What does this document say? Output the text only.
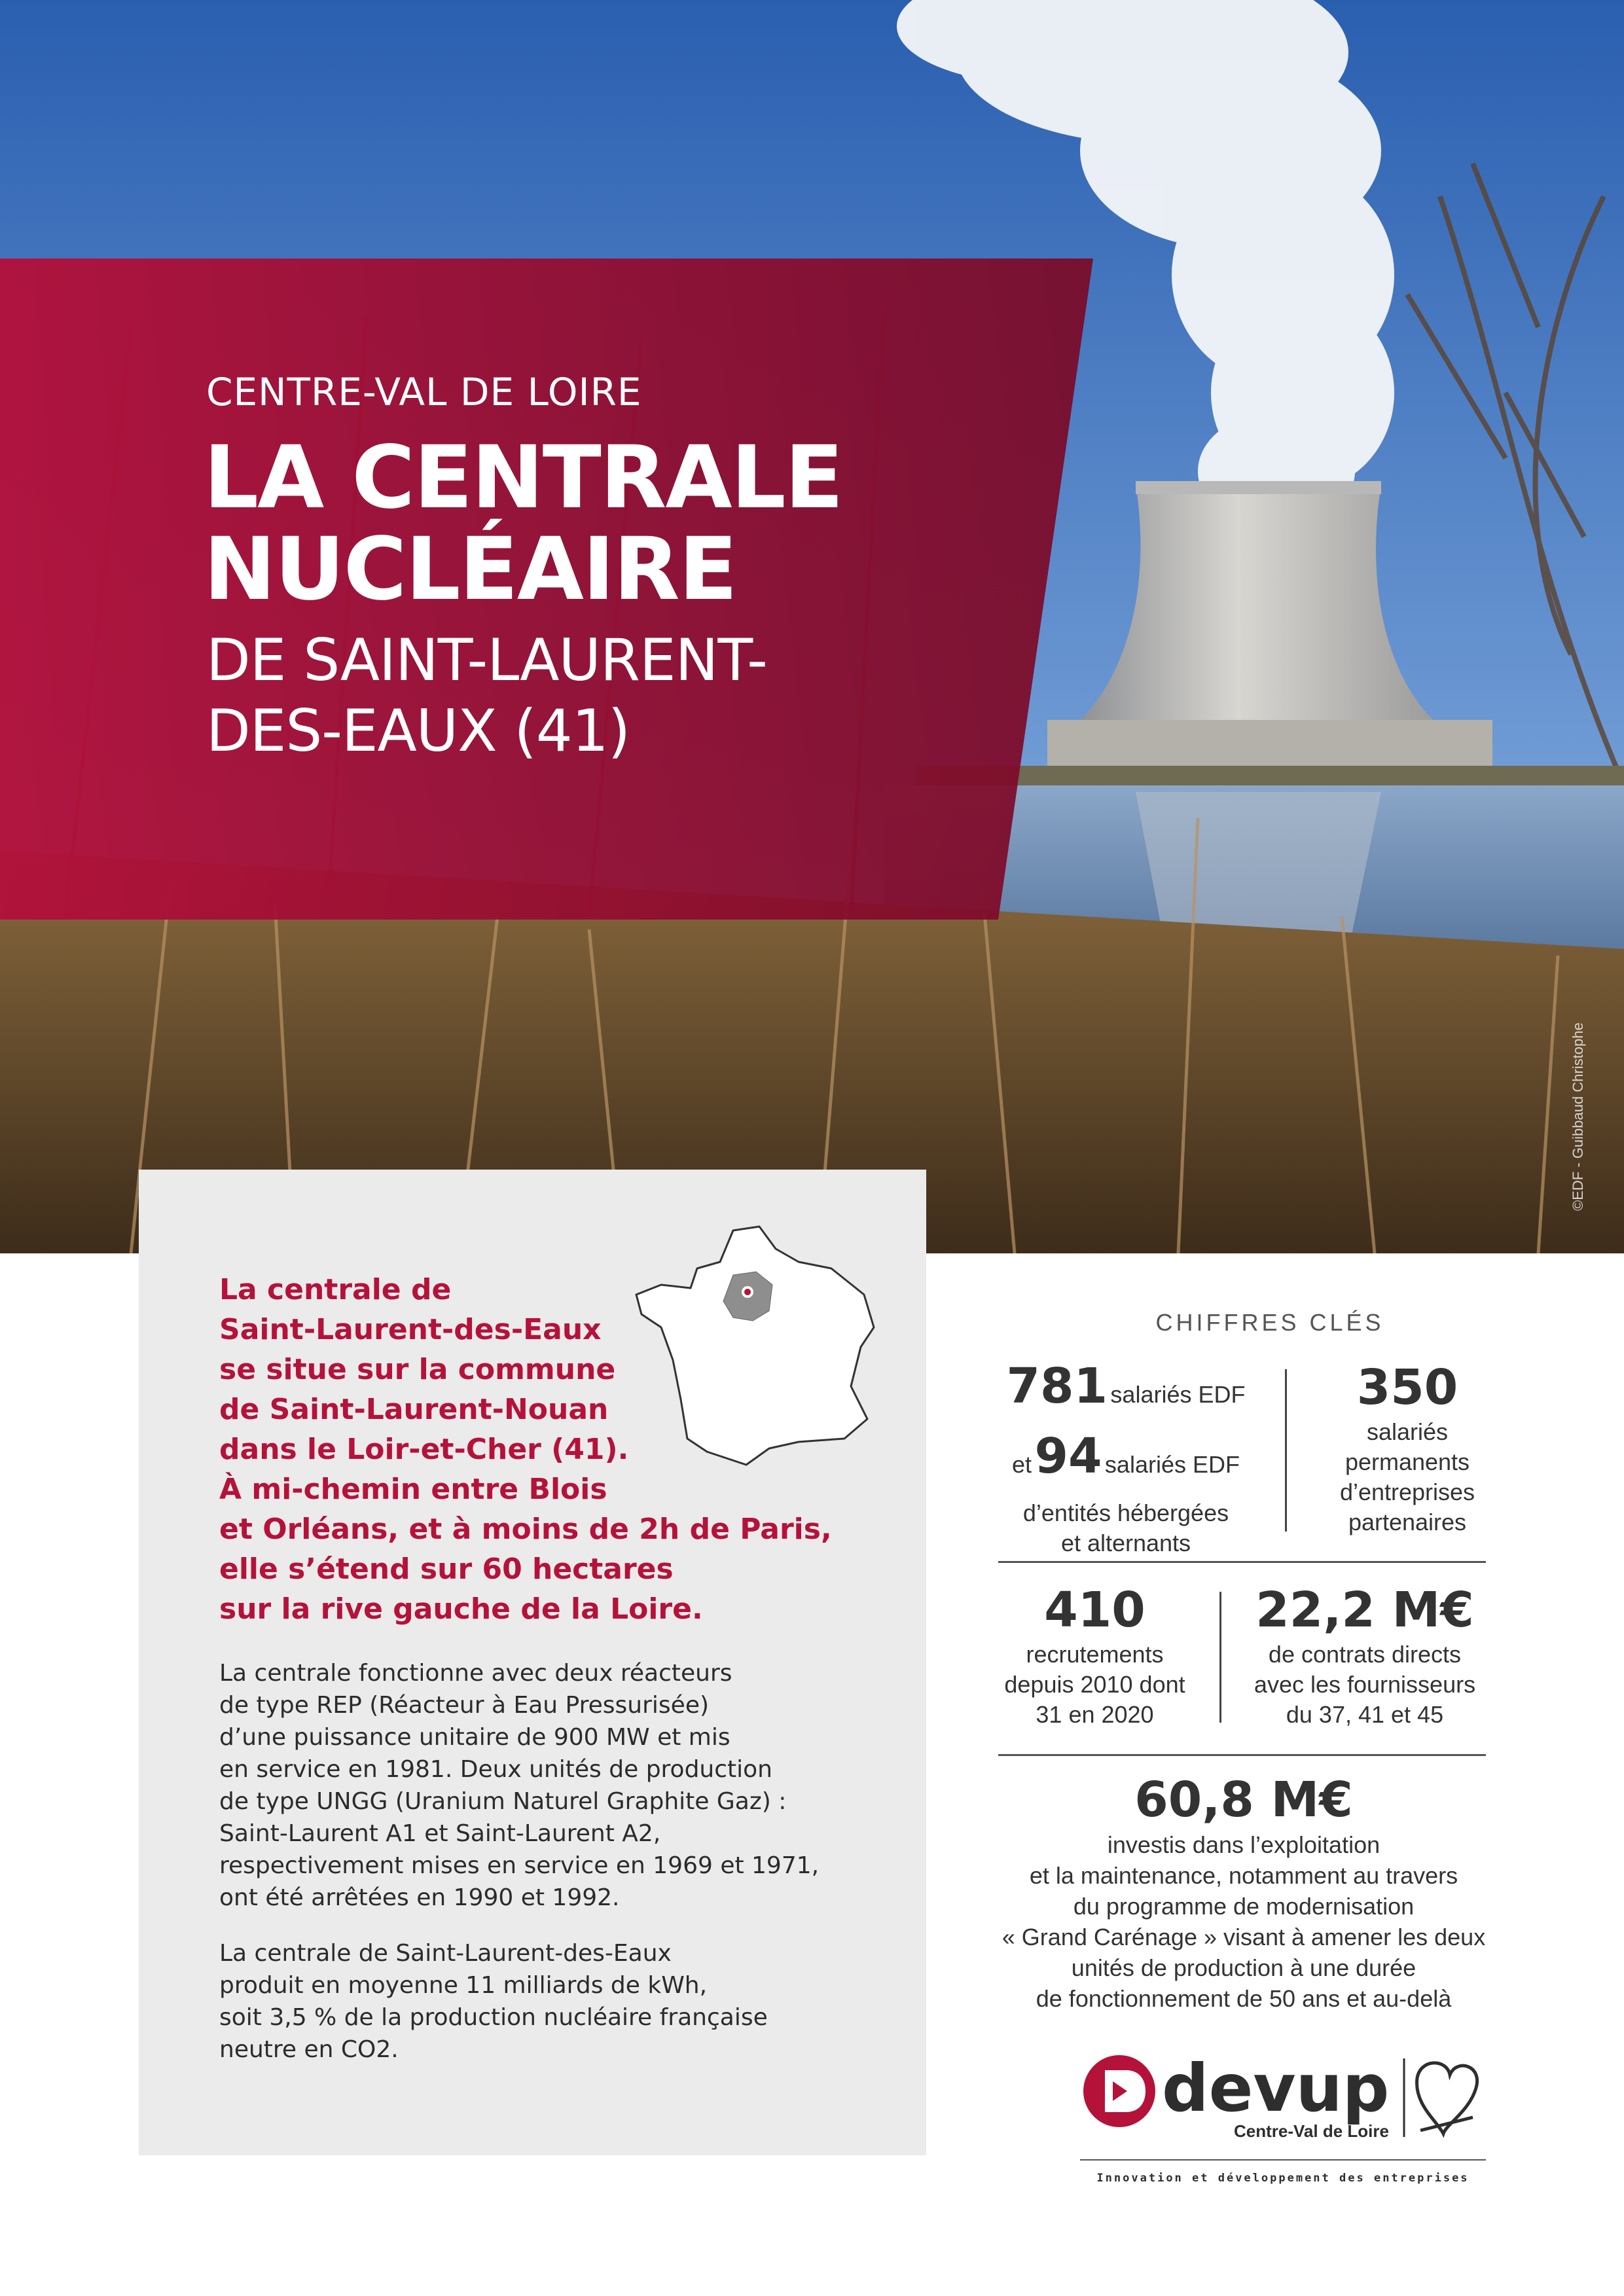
CENTRE-VAL DE LOIRE
LA CENTRALE
NUCLÉAIRE
DE SAINT-LAURENT-
DES-EAUX (41)
©EDF - Guibbaud Christophe
La centrale de
Saint-Laurent-des-Eaux
se situe sur la commune
de Saint-Laurent-Nouan
dans le Loir-et-Cher (41).
À mi-chemin entre Blois
et Orléans, et à moins de 2h de Paris,
elle s’étend sur 60 hectares
sur la rive gauche de la Loire.
La centrale fonctionne avec deux réacteurs
de type REP (Réacteur à Eau Pressurisée)
d’une puissance unitaire de 900 MW et mis
en service en 1981. Deux unités de production
de type UNGG (Uranium Naturel Graphite Gaz) :
Saint-Laurent A1 et Saint-Laurent A2,
respectivement mises en service en 1969 et 1971,
ont été arrêtées en 1990 et 1992.
La centrale de Saint-Laurent-des-Eaux
produit en moyenne 11 milliards de kWh,
soit 3,5 % de la production nucléaire française
neutre en CO2.
CHIFFRES CLÉS
781 salariés EDF
et 94 salariés EDF
d’entités hébergées
et alternants
350
salariés
permanents
d’entreprises
partenaires
410
recrutements
depuis 2010 dont
31 en 2020
22,2 M€
de contrats directs
avec les fournisseurs
du 37, 41 et 45
60,8 M€
investis dans l’exploitation
et la maintenance, notamment au travers
du programme de modernisation
« Grand Carénage » visant à amener les deux
unités de production à une durée
de fonctionnement de 50 ans et au-delà
devup
Centre-Val de Loire
Innovation et développement des entreprises
